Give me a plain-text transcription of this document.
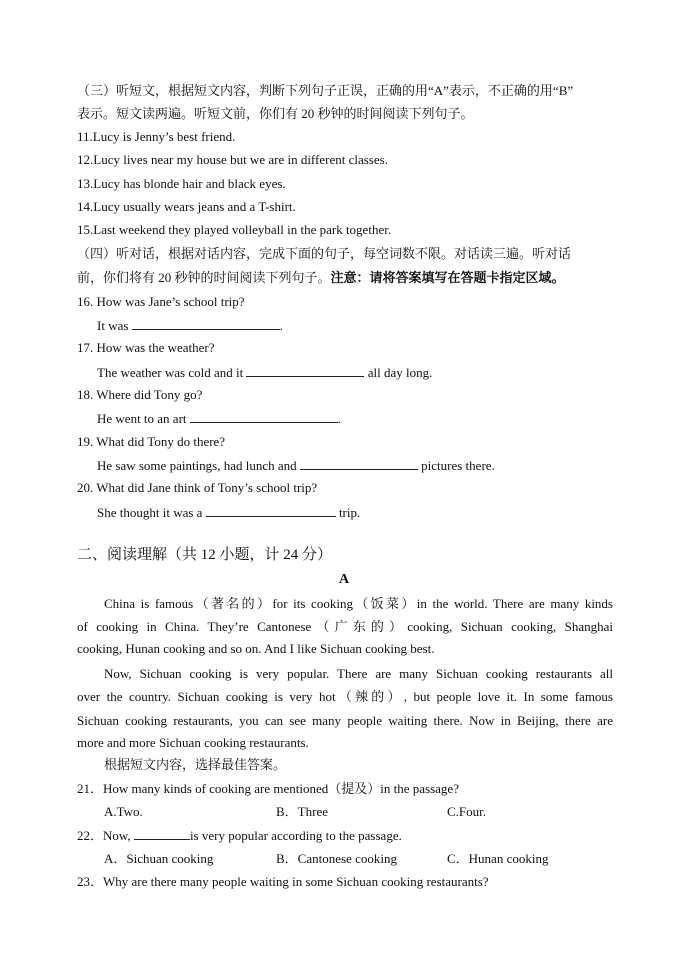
（三）听短文，根据短文内容，判断下列句子正误，正确的用“A”表示，不正确的用“B”
表示。短文读两遍。听短文前，你们有 20 秒钟的时间阅读下列句子。
11.Lucy is Jenny’s best friend.
12.Lucy lives near my house but we are in different classes.
13.Lucy has blonde hair and black eyes.
14.Lucy usually wears jeans and a T-shirt.
15.Last weekend they played volleyball in the park together.
（四）听对话，根据对话内容，完成下面的句子，每空词数不限。对话读三遍。听对话
前，你们将有 20 秒钟的时间阅读下列句子。注意：请将答案填写在答题卡指定区域。
16. How was Jane’s school trip?
It was	.
17. How was the weather?
The weather was cold and it	all day long.
18. Where did Tony go?
He went to an art	.
19. What did Tony do there?
He saw some paintings, had lunch and	pictures there.
20. What did Jane think of Tony’s school trip?
She thought it was a	trip.
二、阅读理解（共 12 小题，计 24 分）
A
China is famous（著名的）for its cooking（饭菜）in the world. There are many kinds
of cooking in China. They’re Cantonese（广东的）cooking, Sichuan cooking, Shanghai
cooking, Hunan cooking and so on. And I like Sichuan cooking best.
Now, Sichuan cooking is very popular. There are many Sichuan cooking restaurants all
over the country. Sichuan cooking is very hot（辣的）, but people love it. In some famous
Sichuan cooking restaurants, you can see many people waiting there. Now in Beijing, there are
more and more Sichuan cooking restaurants.
根据短文内容，选择最佳答案。
21．How many kinds of cooking are mentioned（提及）in the passage?
A.Two.	B．Three	C.Four.
22．Now,	is very popular according to the passage.
A．Sichuan cooking	B．Cantonese cooking	C．Hunan cooking
23．Why are there many people waiting in some Sichuan cooking restaurants?
